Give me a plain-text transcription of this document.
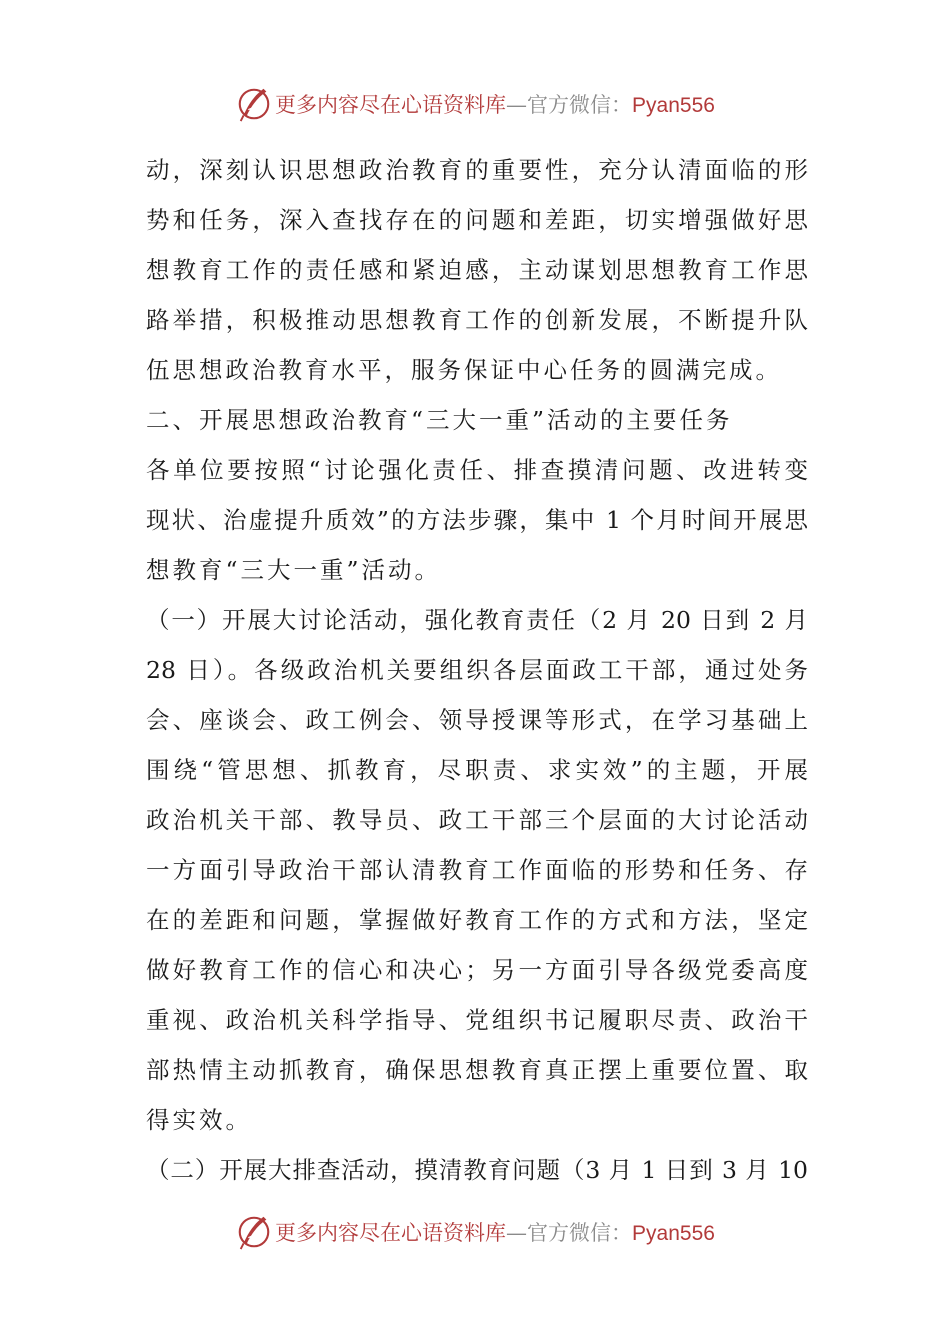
更多内容尽在心语资料库—官方微信：Pyan556
动，深刻认识思想政治教育的重要性，充分认清面临的形
势和任务，深入查找存在的问题和差距，切实增强做好思
想教育工作的责任感和紧迫感，主动谋划思想教育工作思
路举措，积极推动思想教育工作的创新发展，不断提升队
伍思想政治教育水平，服务保证中心任务的圆满完成。
二、开展思想政治教育“三大一重”活动的主要任务
各单位要按照“讨论强化责任、排查摸清问题、改进转变
现状、治虚提升质效”的方法步骤，集中 1 个月时间开展思
想教育“三大一重”活动。
（一）开展大讨论活动，强化教育责任（2 月 20 日到 2 月
28 日）。各级政治机关要组织各层面政工干部，通过处务
会、座谈会、政工例会、领导授课等形式，在学习基础上
围绕“管思想、抓教育，尽职责、求实效”的主题，开展
政治机关干部、教导员、政工干部三个层面的大讨论活动
一方面引导政治干部认清教育工作面临的形势和任务、存
在的差距和问题，掌握做好教育工作的方式和方法，坚定
做好教育工作的信心和决心；另一方面引导各级党委高度
重视、政治机关科学指导、党组织书记履职尽责、政治干
部热情主动抓教育，确保思想教育真正摆上重要位置、取
得实效。
（二）开展大排查活动，摸清教育问题（3 月 1 日到 3 月 10
更多内容尽在心语资料库—官方微信：Pyan556
